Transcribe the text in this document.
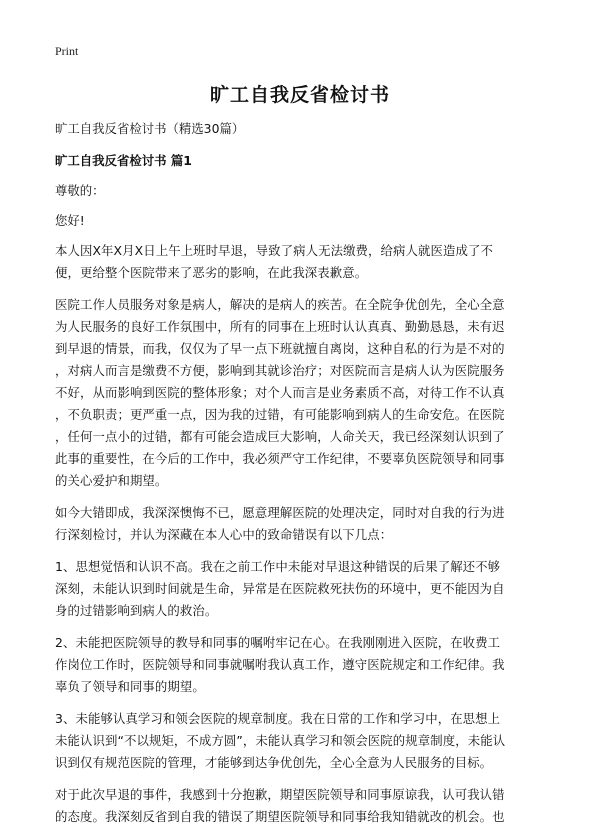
Print
旷工自我反省检讨书

旷工自我反省检讨书（精选30篇）

旷工自我反省检讨书 篇1

尊敬的：

您好!

本人因X年X月X日上午上班时早退，导致了病人无法缴费，给病人就医造成了不

便，更给整个医院带来了恶劣的影响，在此我深表歉意。

医院工作人员服务对象是病人，解决的是病人的疾苦。在全院争优创先，全心全意

为人民服务的良好工作氛围中，所有的同事在上班时认认真真、勤勤恳恳，未有迟

到早退的情景，而我，仅仅为了早一点下班就擅自离岗，这种自私的行为是不对的

，对病人而言是缴费不方便，影响到其就诊治疗；对医院而言是病人认为医院服务

不好，从而影响到医院的整体形象；对个人而言是业务素质不高，对待工作不认真

，不负职责；更严重一点，因为我的过错，有可能影响到病人的生命安危。在医院

，任何一点小的过错，都有可能会造成巨大影响，人命关天，我已经深刻认识到了

此事的重要性，在今后的工作中，我必须严守工作纪律，不要辜负医院领导和同事

的关心爱护和期望。

如今大错即成，我深深懊悔不已，愿意理解医院的处理决定，同时对自我的行为进

行深刻检讨，并认为深藏在本人心中的致命错误有以下几点：

1、思想觉悟和认识不高。我在之前工作中未能对早退这种错误的后果了解还不够

深刻，未能认识到时间就是生命，异常是在医院救死扶伤的环境中，更不能因为自

身的过错影响到病人的救治。

2、未能把医院领导的教导和同事的嘱咐牢记在心。在我刚刚进入医院，在收费工

作岗位工作时，医院领导和同事就嘱咐我认真工作，遵守医院规定和工作纪律。我

辜负了领导和同事的期望。

3、未能够认真学习和领会医院的规章制度。我在日常的工作和学习中，在思想上

未能认识到“不以规矩，不成方圆”，未能认真学习和领会医院的规章制度，未能认

识到仅有规范医院的管理，才能够到达争优创先，全心全意为人民服务的目标。

对于此次早退的事件，我感到十分抱歉，期望医院领导和同事原谅我，认可我认错

的态度。我深刻反省到自我的错误了期望医院领导和同事给我知错就改的机会。也
